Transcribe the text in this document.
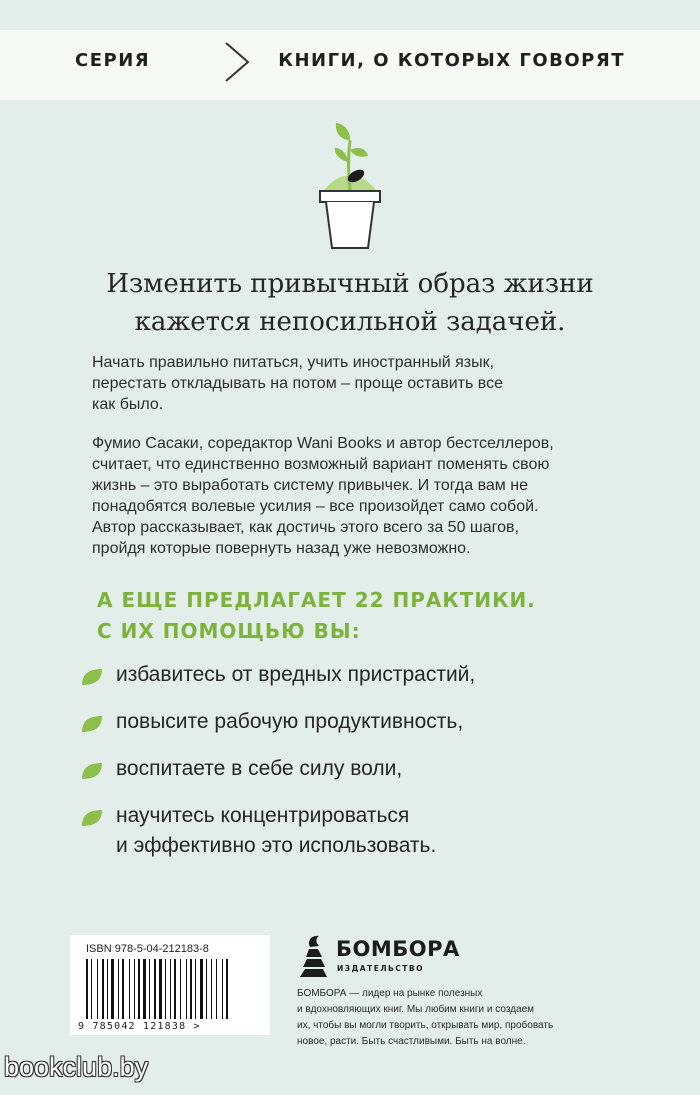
СЕРИЯ	КНИГИ, О КОТОРЫХ ГОВОРЯТ
Изменить привычный образ жизни
кажется непосильной задачей.
Начать правильно питаться, учить иностранный язык,
перестать откладывать на потом – проще оставить все
как было.
Фумио Сасаки, соредактор Wani Books и автор бестселлеров,
считает, что единственно возможный вариант поменять свою
жизнь – это выработать систему привычек. И тогда вам не
понадобятся волевые усилия – все произойдет само собой.
Автор рассказывает, как достичь этого всего за 50 шагов,
пройдя которые повернуть назад уже невозможно.
А ЕЩЕ ПРЕДЛАГАЕТ 22 ПРАКТИКИ.
С ИХ ПОМОЩЬЮ ВЫ:
избавитесь от вредных пристрастий,
повысите рабочую продуктивность,
воспитаете в себе силу воли,
научитесь концентрироваться
и эффективно это использовать.
ISBN 978-5-04-212183-8
9 785042 121838 >
БОМБОРА
ИЗДАТЕЛЬСТВО
БОМБОРА — лидер на рынке полезных
и вдохновляющих книг. Мы любим книги и создаем
их, чтобы вы могли творить, открывать мир, пробовать
новое, расти. Быть счастливыми. Быть на волне.
bookclub.by
